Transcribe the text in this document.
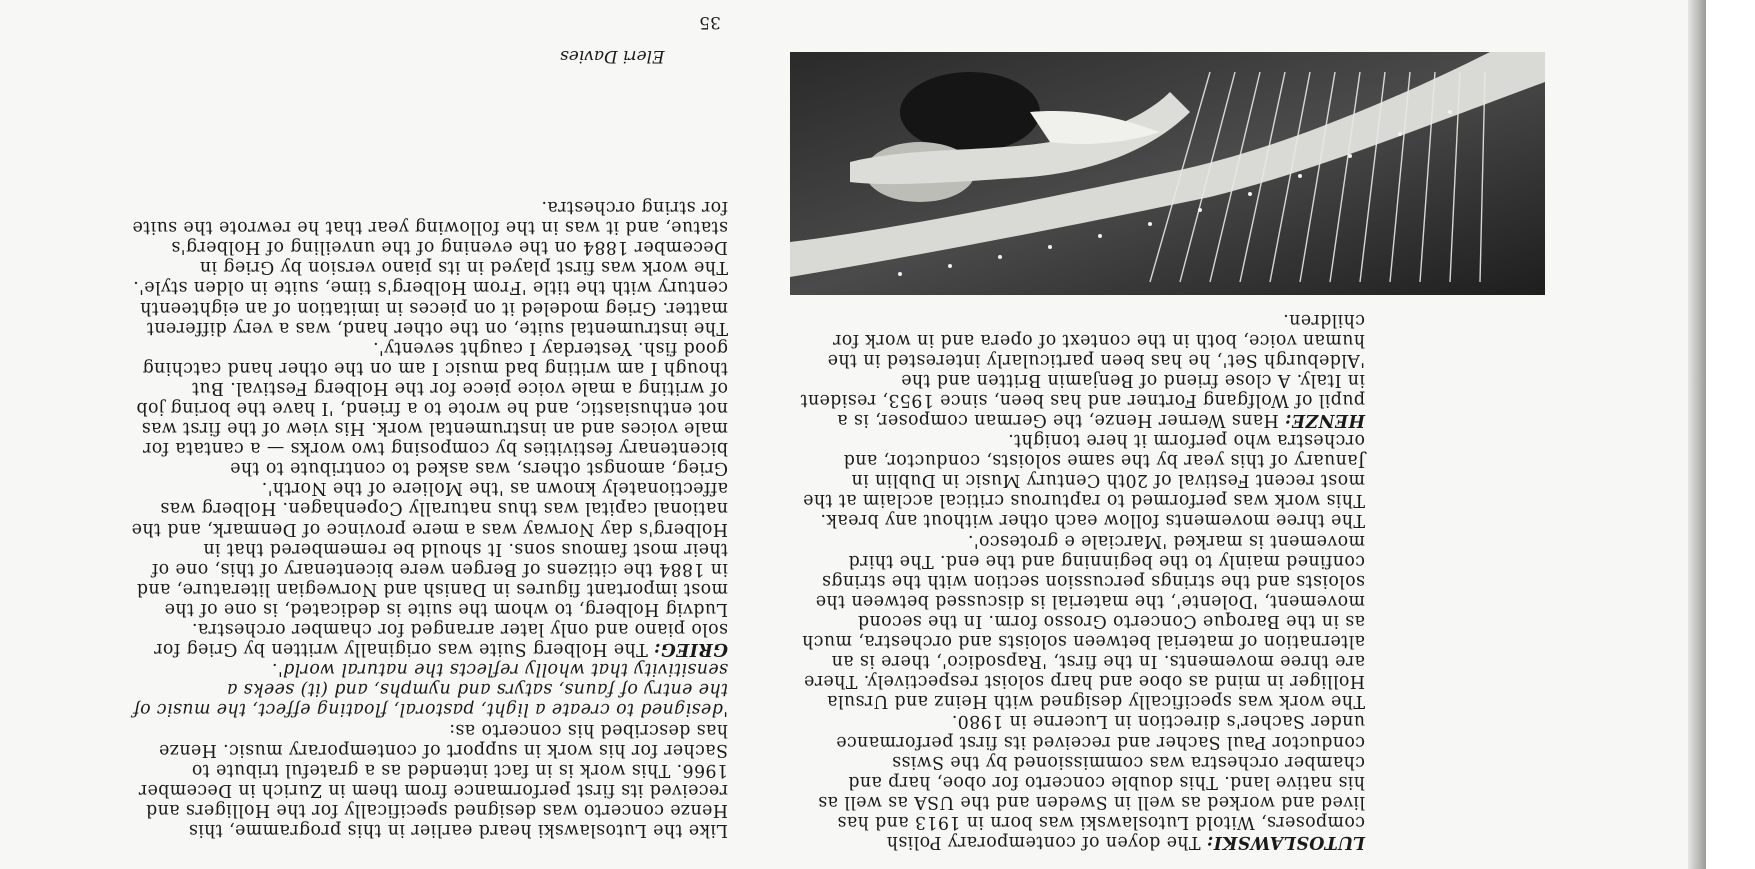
35
Eleri Davies

LUTOSLAWSKI: The doyen of contemporary Polish composers, Witold Lutoslawski was born in 1913 and has lived and worked as well in Sweden and the USA as well as his native land. This double concerto for oboe, harp and chamber orchestra was commissioned by the Swiss conductor Paul Sacher and received its first performance under Sacher's direction in Lucerne in 1980.

The work was specifically designed with Heinz and Ursula Holliger in mind as oboe and harp soloist respectively. There are three movements. In the first, 'Rapsodico', there is an alternation of material between soloists and orchestra, much as in the Baroque Concerto Grosso form. In the second movement, 'Dolente', the material is discussed between the soloists and the strings percussion section with the strings confined mainly to the beginning and the end. The third movement is marked 'Marciale e grotesco'.

The three movements follow each other without any break.

This work was performed to rapturous critical acclaim at the most recent Festival of 20th Century Music in Dublin in January of this year by the same soloists, conductor, and orchestra who perform it here tonight.

HENZE: Hans Werner Henze, the German composer, is a pupil of Wolfgang Fortner and has been, since 1953, resident in Italy. A close friend of Benjamin Britten and the 'Aldeburgh Set', he has been particularly interested in the human voice, both in the context of opera and in work for children.

Like the Lutoslawski heard earlier in this programme, this Henze concerto was designed specifically for the Holligers and received its first performance from them in Zurich in December 1966. This work is in fact intended as a grateful tribute to Sacher for his work in support of contemporary music. Henze has described his concerto as:

'designed to create a light, pastoral, floating effect, the music of the entry of fauns, satyrs and nymphs, and (it) seeks a sensitivity that wholly reflects the natural world'.

GRIEG: The Holberg Suite was originally written by Grieg for solo piano and only later arranged for chamber orchestra. Ludvig Holberg, to whom the suite is dedicated, is one of the most important figures in Danish and Norwegian literature, and in 1884 the citizens of Bergen were bicentenary of this, one of their most famous sons. It should be remembered that in Holberg's day Norway was a mere province of Denmark, and the national capital was thus naturally Copenhagen. Holberg was affectionately known as 'the Moliere of the North'.

Grieg, amongst others, was asked to contribute to the bicentenary festivities by composing two works — a cantata for male voices and an instrumental work. His view of the first was not enthusiastic, and he wrote to a friend, 'I have the boring job of writing a male voice piece for the Holberg Festival. But though I am writing bad music I am on the other hand catching good fish. Yesterday I caught seventy'.

The instrumental suite, on the other hand, was a very different matter. Grieg modeled it on pieces in imitation of an eighteenth century with the title 'From Holberg's time, suite in olden style'. The work was first played in its piano version by Grieg in December 1884 on the evening of the unveiling of Holberg's statue, and it was in the following year that he rewrote the suite for string orchestra.
